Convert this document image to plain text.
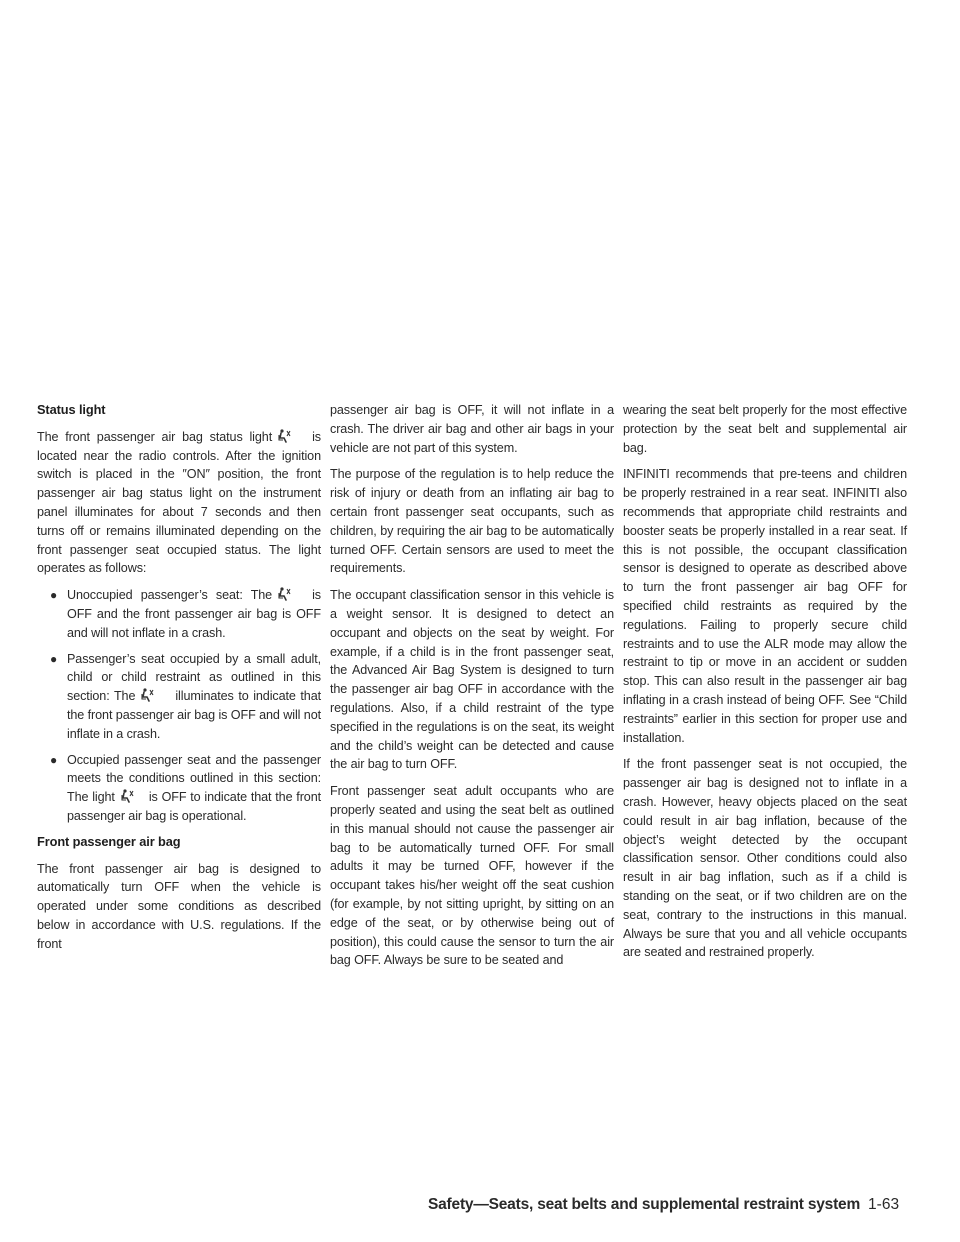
Status light

The front passenger air bag status light	is located near the radio controls. After the ignition switch is placed in the ″ON″ position, the front passenger air bag status light on the instrument panel illuminates for about 7 seconds and then turns off or remains illuminated depending on the front passenger seat occupied status. The light operates as follows:

● Unoccupied passenger’s seat: The	is OFF and the front passenger air bag is OFF and will not inflate in a crash.
● Passenger’s seat occupied by a small adult, child or child restraint as outlined in this section: The	illuminates to indicate that the front passenger air bag is OFF and will not inflate in a crash.
● Occupied passenger seat and the passenger meets the conditions outlined in this section: The light	is OFF to indicate that the front passenger air bag is operational.
Front passenger air bag

The front passenger air bag is designed to automatically turn OFF when the vehicle is operated under some conditions as described below in accordance with U.S. regulations. If the front

passenger air bag is OFF, it will not inflate in a crash. The driver air bag and other air bags in your vehicle are not part of this system.

The purpose of the regulation is to help reduce the risk of injury or death from an inflating air bag to certain front passenger seat occupants, such as children, by requiring the air bag to be automatically turned OFF. Certain sensors are used to meet the requirements.

The occupant classification sensor in this vehicle is a weight sensor. It is designed to detect an occupant and objects on the seat by weight. For example, if a child is in the front passenger seat, the Advanced Air Bag System is designed to turn the passenger air bag OFF in accordance with the regulations. Also, if a child restraint of the type specified in the regulations is on the seat, its weight and the child’s weight can be detected and cause the air bag to turn OFF.

Front passenger seat adult occupants who are properly seated and using the seat belt as outlined in this manual should not cause the passenger air bag to be automatically turned OFF. For small adults it may be turned OFF, however if the occupant takes his/her weight off the seat cushion (for example, by not sitting upright, by sitting on an edge of the seat, or by otherwise being out of position), this could cause the sensor to turn the air bag OFF. Always be sure to be seated and

wearing the seat belt properly for the most effective protection by the seat belt and supplemental air bag.

INFINITI recommends that pre-teens and children be properly restrained in a rear seat. INFINITI also recommends that appropriate child restraints and booster seats be properly installed in a rear seat. If this is not possible, the occupant classification sensor is designed to operate as described above to turn the front passenger air bag OFF for specified child restraints as required by the regulations. Failing to properly secure child restraints and to use the ALR mode may allow the restraint to tip or move in an accident or sudden stop. This can also result in the passenger air bag inflating in a crash instead of being OFF. See “Child restraints” earlier in this section for proper use and installation.

If the front passenger seat is not occupied, the passenger air bag is designed not to inflate in a crash. However, heavy objects placed on the seat could result in air bag inflation, because of the object’s weight detected by the occupant classification sensor. Other conditions could also result in air bag inflation, such as if a child is standing on the seat, or if two children are on the seat, contrary to the instructions in this manual. Always be sure that you and all vehicle occupants are seated and restrained properly.

Safety—Seats, seat belts and supplemental restraint system 1-63
